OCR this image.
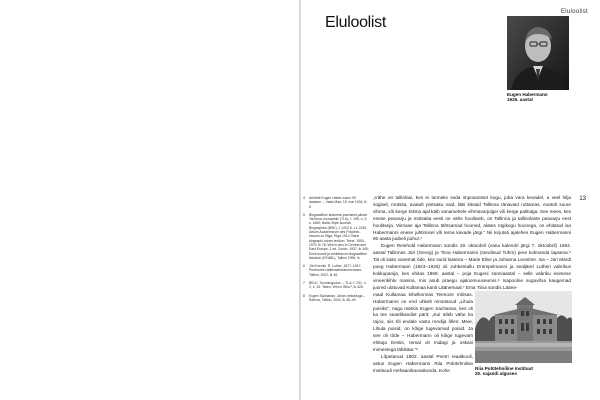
Eluloolist
Eluloolist
Eugen Habermann
1926. aastal
13
4	Arhitekt Eugen Haber-mann 90 aastane. – Vaba Maa, 15. mai 1934, lk 5.
5	Biograafiline andmete-paerisest pärast Tal-linna Linnaarhiiv (TLA), f. 195, n. 2, s. 1660; Baltic Style suurlak, Biographics (BSK), 1 1200 K. LL 2230; Album Academicum des Polytech-nicums zu Riga, Riga 1912; Bank biographi-sches lexikon. Teine, 1950–1979. lk 78; Who's who in Central and East Europe, 1 ed. Zurich, 1937, lk 349; Eesti kunsti ja arhitektuuri biograafiline leksikon (EKABL), Tallinn 1996, lk
6	Jüri Kermik. R. Luther, 1877–1947. Perekonnt väikeraatsivärmeedusto. Tallinn, 2002, lk 46.
7	BELK, Toomkogudus. – TLA, f. 231, n. 2, s. 15. Tsiten. Who's Who?, lk 426.
8	Eugen Sacharias: Juhan-nekulliuga – Rahvra, Tallinn, 2000, lk 48–49.

„Vähe on tallinlasi, kes ei tunneks seda imposantset kogu, juba vara kevadel, a veel hilja sügisel, mütsita, avatult pintsaku vaid, läbi kitsaid Tallinna tänavaid ruttamas. Avatult suure vihma, või kerge külma ajal käib vanamehele vihmavarjulgei või kerge palitulga. See mees, kes enese peavarju ja mütsaita eesti ne vähe hoolitseb, on Tallinna ja tallinnlaste peavarju eest hoolitseja. Viimase aja Tallinna tähtsamad hooned, alates rügikogu hoonega, on ehitatud isa Habermanni enese juhtimisel või tema kavade järgi.“ Nii kirjutati ajalehes Eugen Habermanni 90 aasta juubeli puhul.⁴

Eugen Reinhold Habermann sündis 19. oktoobril (vana kalendri järgi 7. oktoobril) 1884. aastal Tallinnas Jüri (Georg) ja Tiina Habermanni (sündinud Tuhm) pere kolmanda lapsena.⁵ Tal oli kaks vanemat õde, kes surid lastena – Marie Elise ja Johanna Leontine. Isa – Jüri Mardi poeg Habermann (1843–1926) oli Juhkentallu Drümpelmanni ja sealjärel Lutheri vabrikus kokkupanija, kes ehitas 1868. aastal – poja Eugeni sünniaastal – selle vabriku esimese vineerikihlu masina, mis asub praegu ajaloomuuseumis.⁶ Isapoolne suguvõsa kaugemad juured ulatuvad Kullamaa kanti Läänemaal.⁷ Ema Tiina sündis Lääne-

maal Kullamaa kihelkonnas Teenoze mõisas. Habermanni on end uhkelt nimetanud „Lihula poisiks“, nagu märkis Eugen Sacharias, kes oli ka tee seaelikandist pärit: „Kui ütleb vähe ka rajoo, siis tõi endale vastu rendija õlles: Meie, Lihula poisid, on kõige tugevamad poisid. Ja see oli tõde – Habermann oli kõige tugevam ehitaja Eestis, temal oli midagi ja oskasi Inimestega läbikäia.“⁸

Lõpetanud 1902. aastal Peetri reaalkooli, astus Eugen Habermann Riia Polütehnilise Instituudi mehaanikaosakonda. Kohe	Riia Polütehniline Instituut
20. sajandi alguses
